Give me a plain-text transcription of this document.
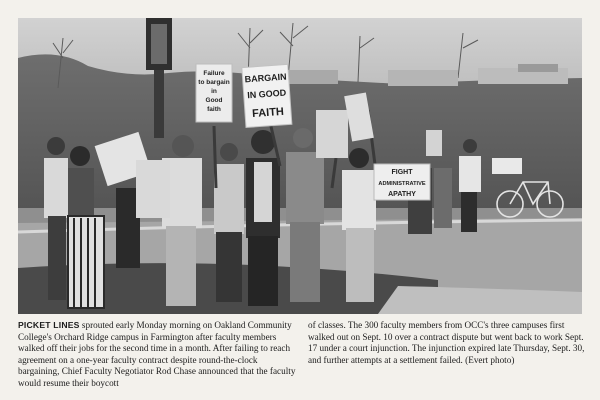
Failure
to bargain
in
Good
faith
BARGAIN
IN GOOD
FAITH
FIGHT
ADMINISTRATIVE
APATHY

PICKET LINES sprouted early Monday morning on Oakland Community College's Orchard Ridge campus in Farmington after faculty members walked off their jobs for the second time in a month. After failing to reach agreement on a one-year faculty contract despite round-the-clock bargaining, Chief Faculty Negotiator Rod Chase announced that the faculty would resume their boycott

of classes. The 300 faculty members from OCC's three campuses first walked out on Sept. 10 over a contract dispute but went back to work Sept. 17 under a court injunction. The injunction expired late Thursday, Sept. 30, and further attempts at a settlement failed. (Evert photo)
